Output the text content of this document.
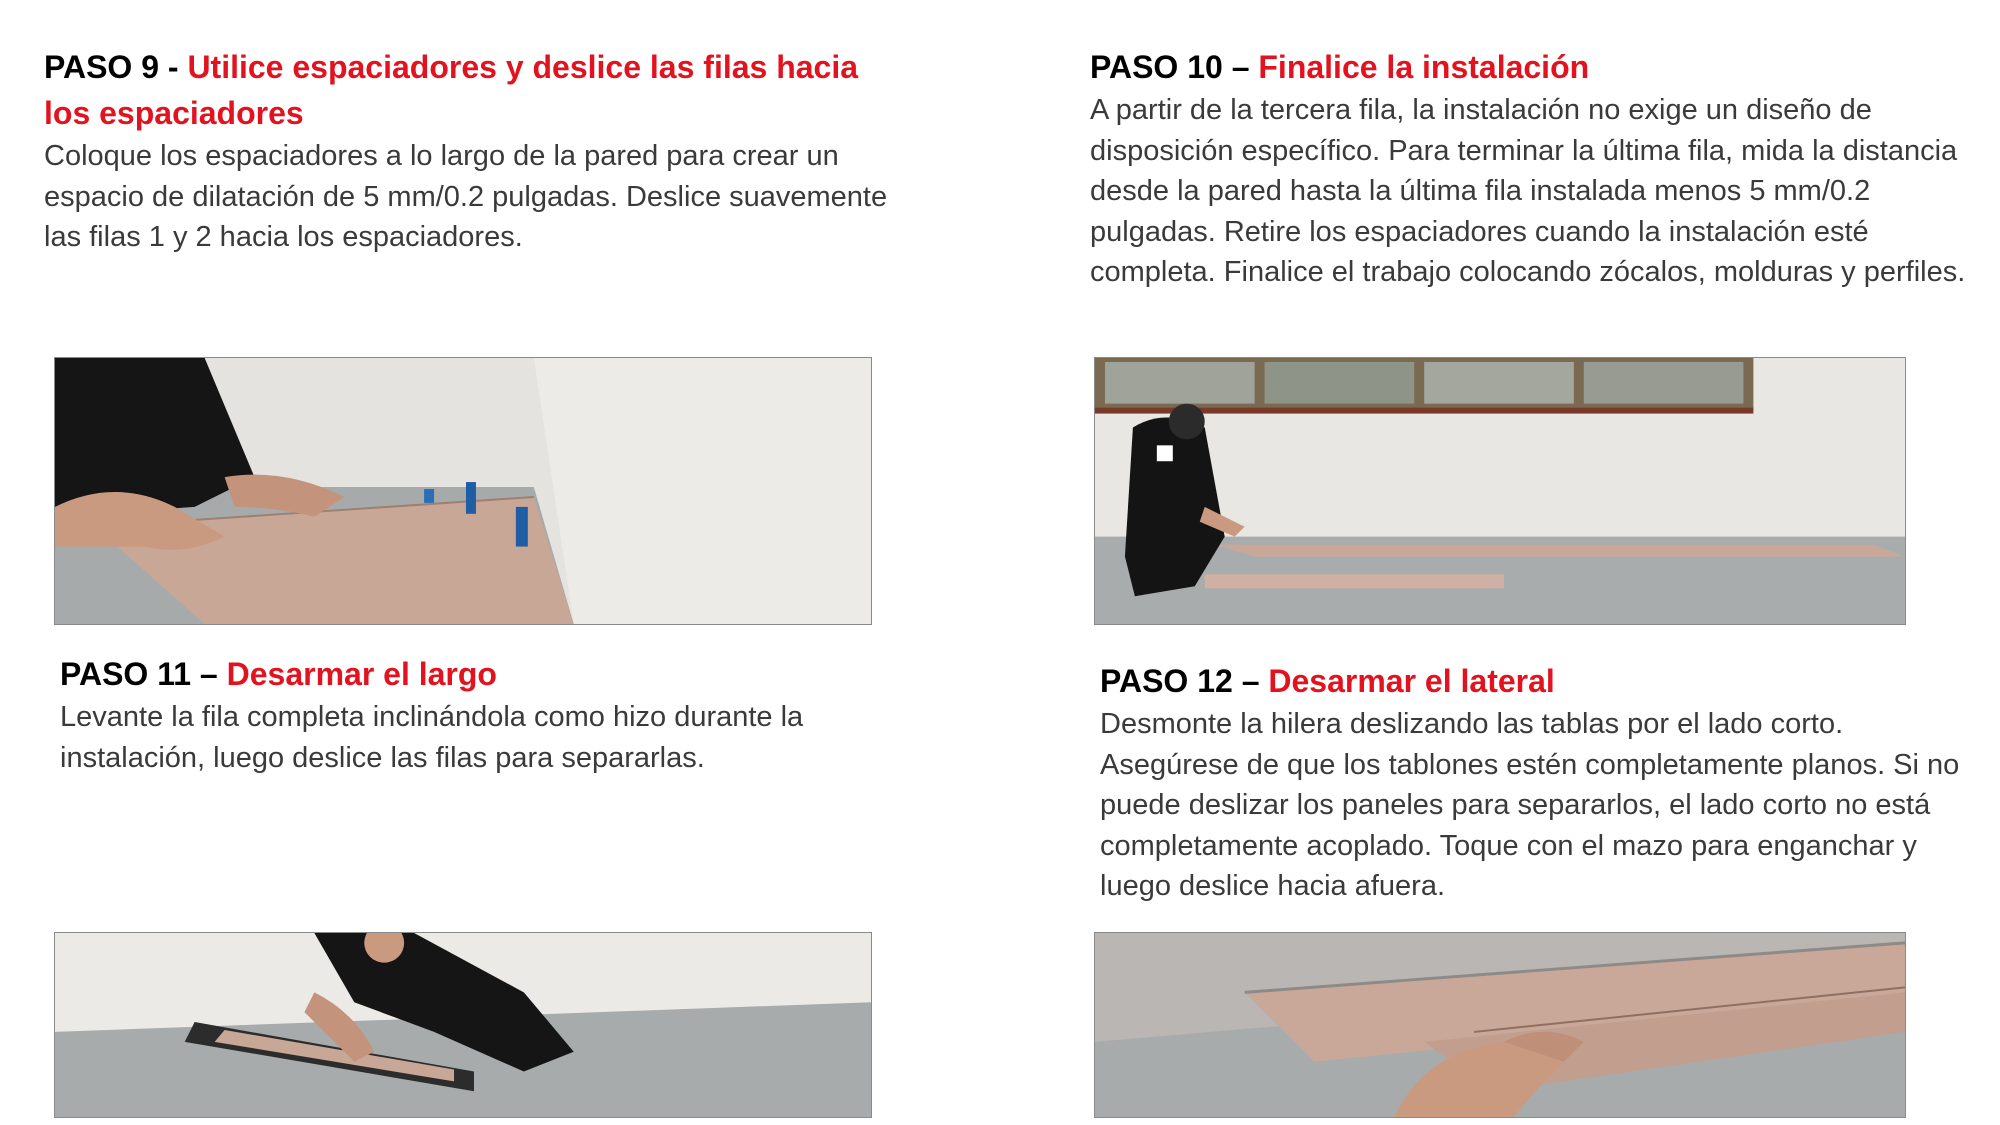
PASO 9 - Utilice espaciadores y deslice las filas hacia los espaciadores
Coloque los espaciadores a lo largo de la pared para crear un espacio de dilatación de 5 mm/0.2 pulgadas. Deslice suavemente las filas 1 y 2 hacia los espaciadores.
PASO 10 – Finalice la instalación
A partir de la tercera fila, la instalación no exige un diseño de disposición específico. Para terminar la última fila, mida la distancia desde la pared hasta la última fila instalada menos 5 mm/0.2 pulgadas. Retire los espaciadores cuando la instalación esté completa. Finalice el trabajo colocando zócalos, molduras y perfiles.
PASO 11 – Desarmar el largo
Levante la fila completa inclinándola como hizo durante la instalación, luego deslice las filas para separarlas.
PASO 12 – Desarmar el lateral
Desmonte la hilera deslizando las tablas por el lado corto. Asegúrese de que los tablones estén completamente planos. Si no puede deslizar los paneles para separarlos, el lado corto no está completamente acoplado. Toque con el mazo para enganchar y luego deslice hacia afuera.
